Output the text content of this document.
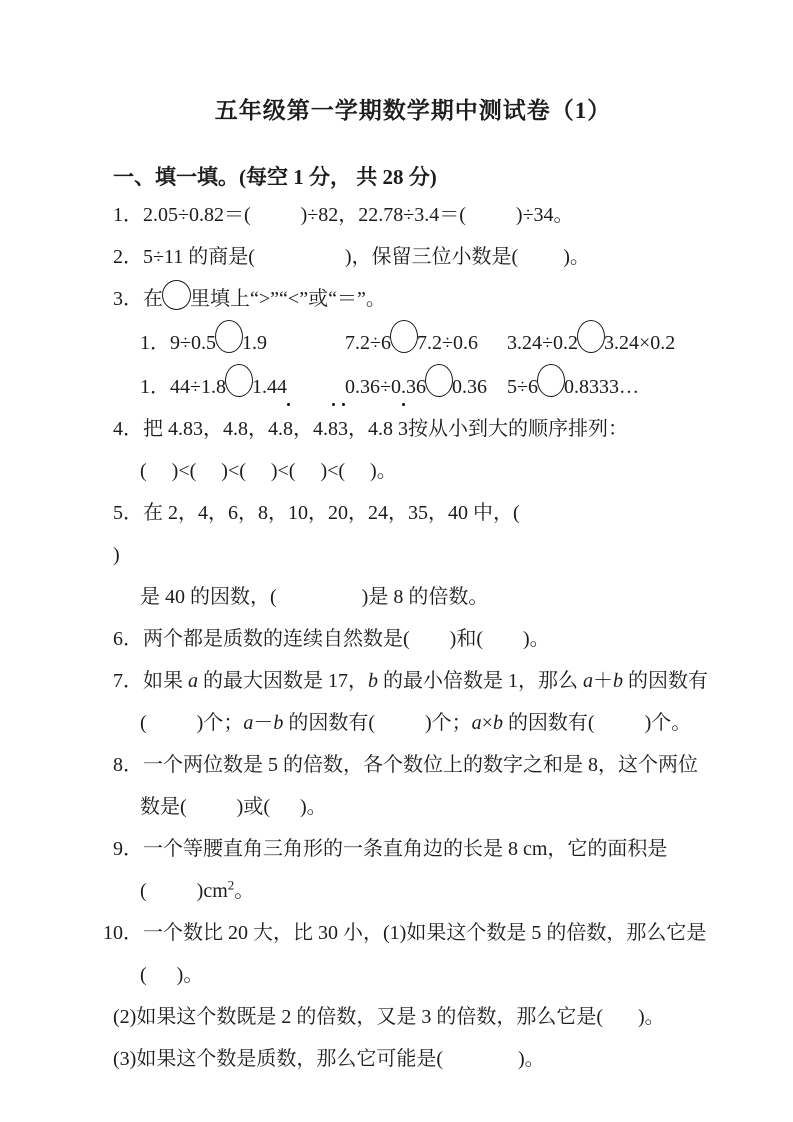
五年级第一学期数学期中测试卷（1）
一、填一填。(每空 1 分， 共 28 分)
1．2.05÷0.82＝(          )÷82，22.78÷3.4＝(          )÷34。
2．5÷11 的商是(                  )，保留三位小数是(         )。
3．在 里填上“>”“<”或“＝”。
1．9÷0.5 1.9	7.2÷6 7.2÷0.6	3.24÷0.2 3.24×0.2
1．44÷1.8 1.44	0.36÷0.36 0.36	5÷6 0.8333…
4．把 4.83，4.8，4.8，4.83，4.8 3按从小到大的顺序排列：
(     )<(     )<(     )<(     )<(     )。
5．在 2，4，6，8，10，20，24，35，40 中，(                                                    )
是 40 的因数，(                 )是 8 的倍数。
6．两个都是质数的连续自然数是(        )和(        )。
7．如果 a 的最大因数是 17，b 的最小倍数是 1，那么 a＋b 的因数有
(          )个；a－b 的因数有(          )个；a×b 的因数有(          )个。
8．一个两位数是 5 的倍数，各个数位上的数字之和是 8，这个两位
数是(          )或(      )。
9．一个等腰直角三角形的一条直角边的长是 8 cm，它的面积是
(          )$cm^2$。
10．一个数比 20 大，比 30 小，(1)如果这个数是 5 的倍数，那么它是
(      )。
(2)如果这个数既是 2 的倍数，又是 3 的倍数，那么它是(       )。
(3)如果这个数是质数，那么它可能是(               )。
